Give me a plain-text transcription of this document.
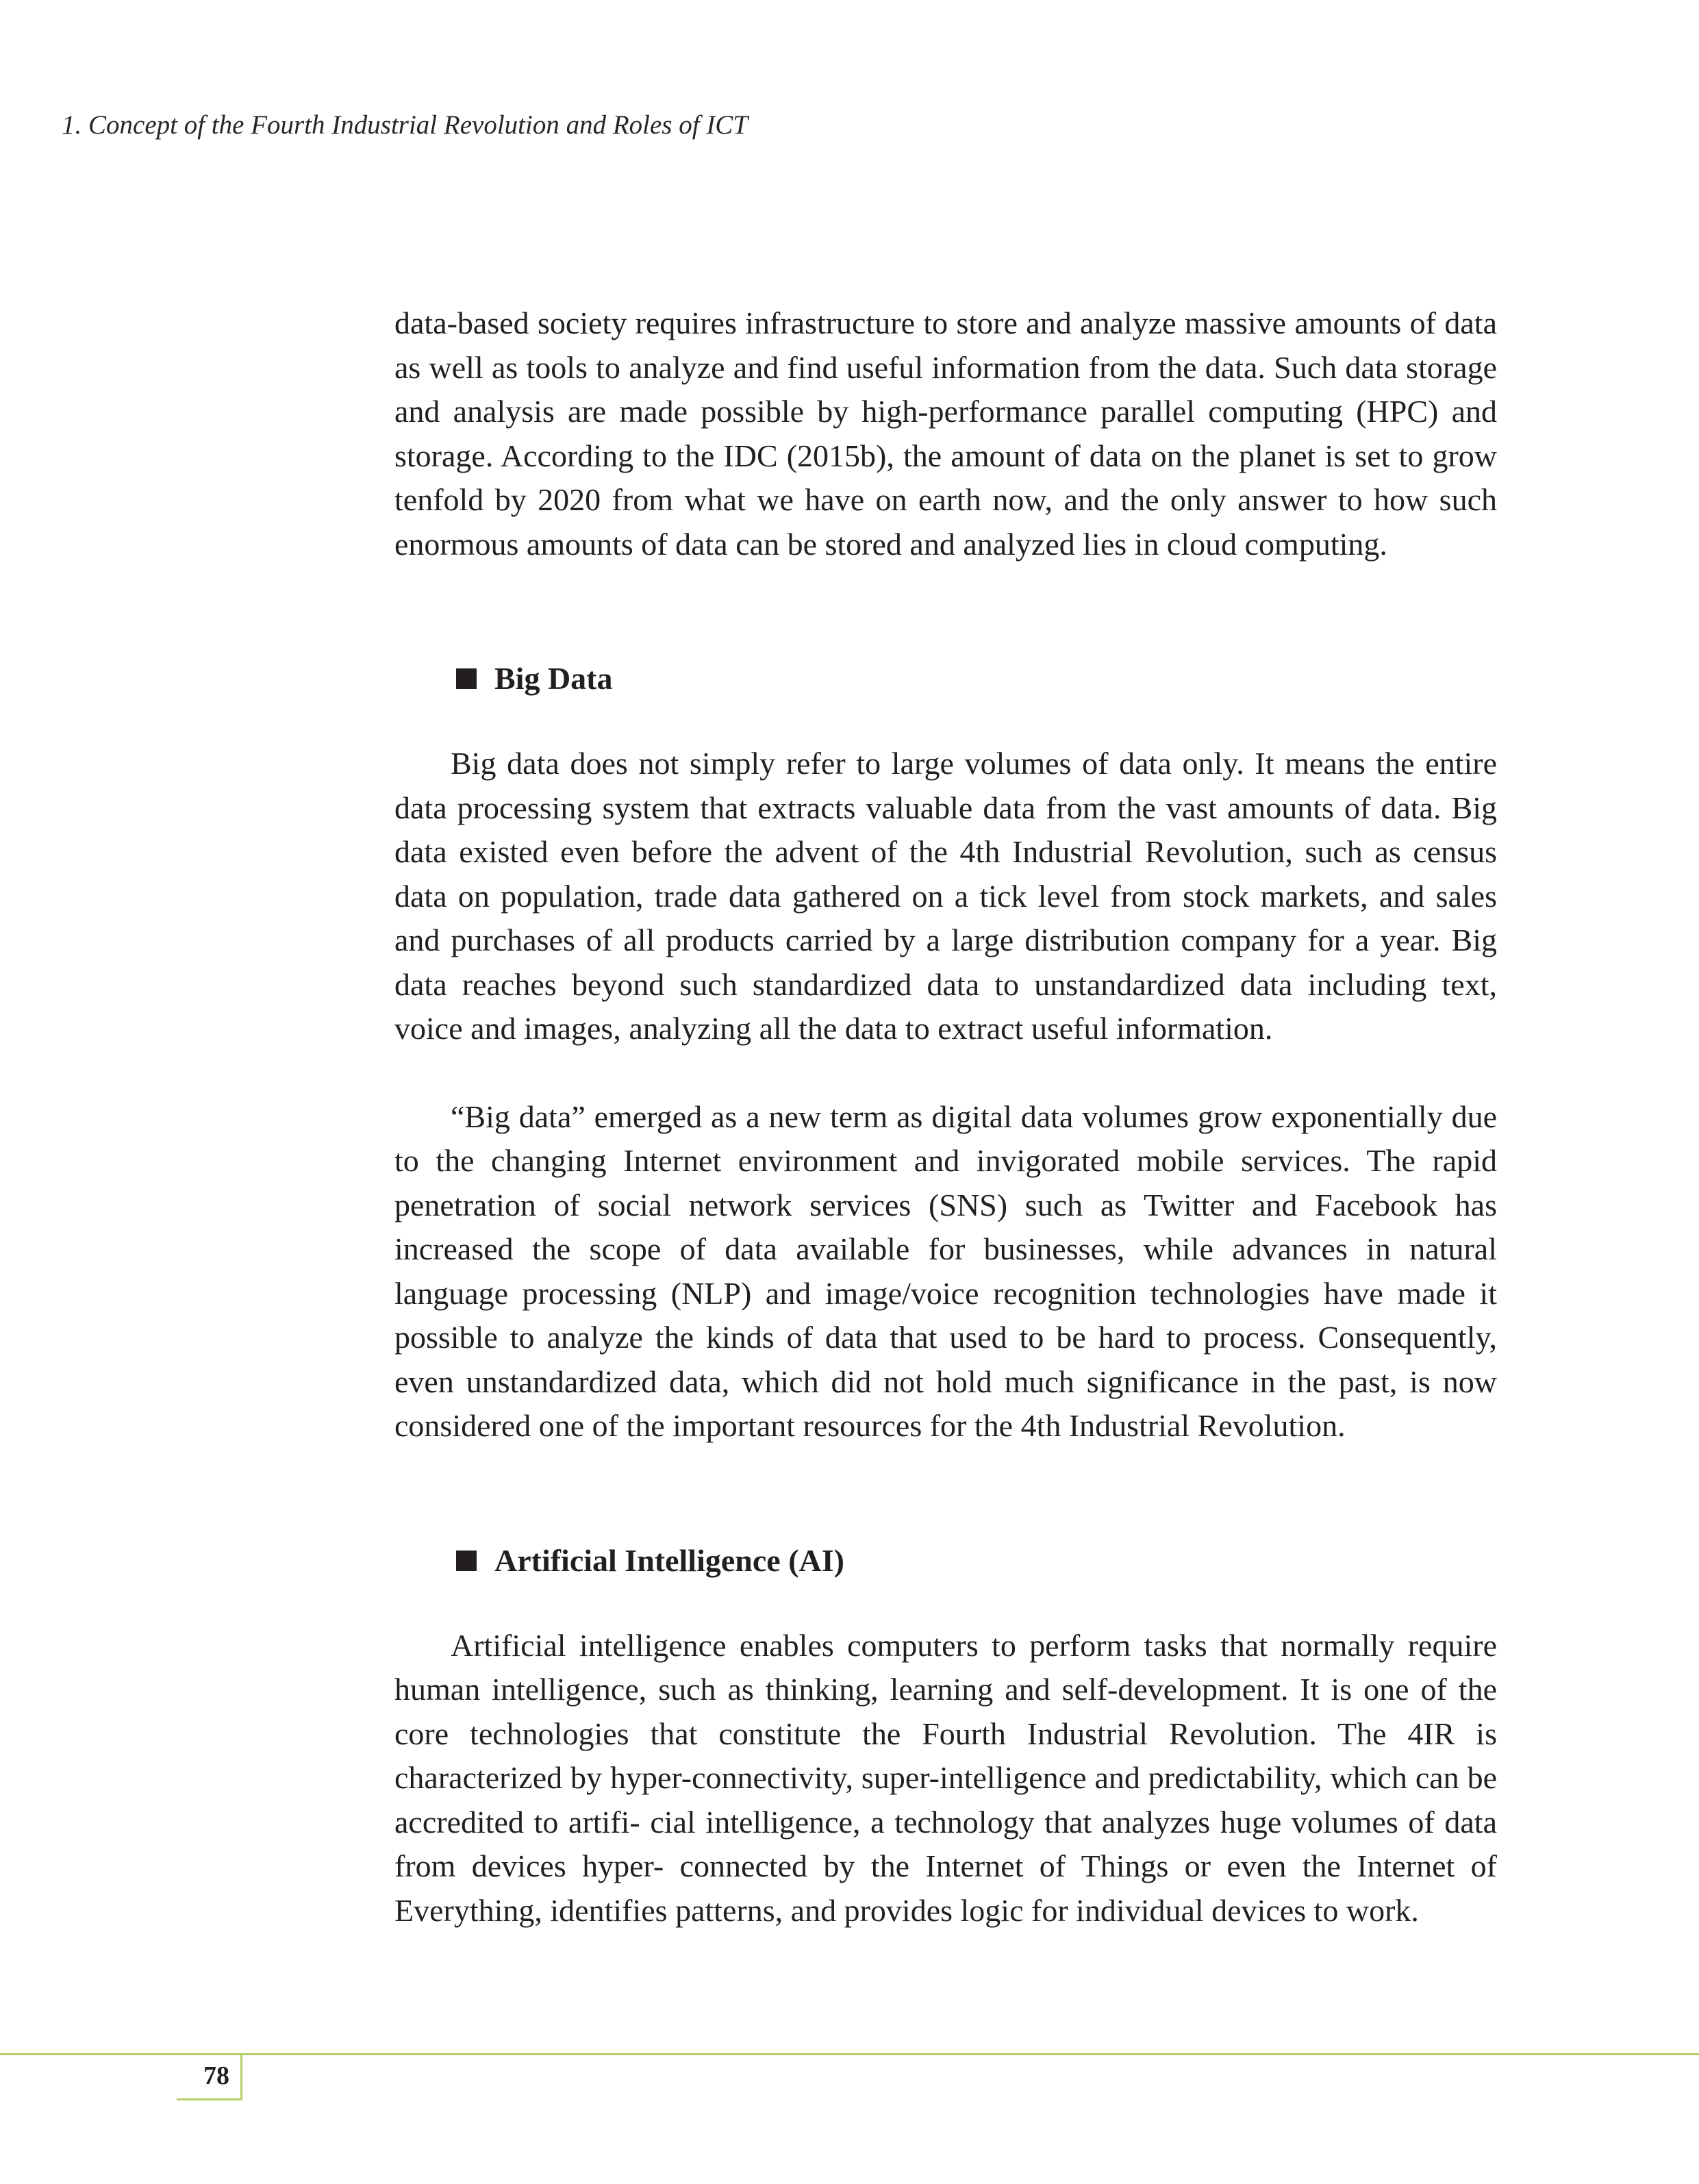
1. Concept of the Fourth Industrial Revolution and Roles of ICT

data-based society requires infrastructure to store and analyze massive amounts of data as well as tools to analyze and find useful information from the data. Such data storage and analysis are made possible by high-performance parallel computing (HPC) and storage. According to the IDC (2015b), the amount of data on the planet is set to grow tenfold by 2020 from what we have on earth now, and the only answer to how such enormous amounts of data can be stored and analyzed lies in cloud computing.

Big Data

Big data does not simply refer to large volumes of data only. It means the entire data processing system that extracts valuable data from the vast amounts of data. Big data existed even before the advent of the 4th Industrial Revolution, such as census data on population, trade data gathered on a tick level from stock markets, and sales and purchases of all products carried by a large distribution company for a year. Big data reaches beyond such standardized data to unstandardized data including text, voice and images, analyzing all the data to extract useful information.

“Big data” emerged as a new term as digital data volumes grow exponentially due to the changing Internet environment and invigorated mobile services. The rapid penetration of social network services (SNS) such as Twitter and Facebook has increased the scope of data available for businesses, while advances in natural language processing (NLP) and image/voice recognition technologies have made it possible to analyze the kinds of data that used to be hard to process. Consequently, even unstandardized data, which did not hold much significance in the past, is now considered one of the important resources for the 4th Industrial Revolution.

Artificial Intelligence (AI)

Artificial intelligence enables computers to perform tasks that normally require human intelligence, such as thinking, learning and self-development. It is one of the core technologies that constitute the Fourth Industrial Revolution. The 4IR is characterized by hyper-connectivity, super-intelligence and predictability, which can be accredited to artifi- cial intelligence, a technology that analyzes huge volumes of data from devices hyper- connected by the Internet of Things or even the Internet of Everything, identifies patterns, and provides logic for individual devices to work.

78
